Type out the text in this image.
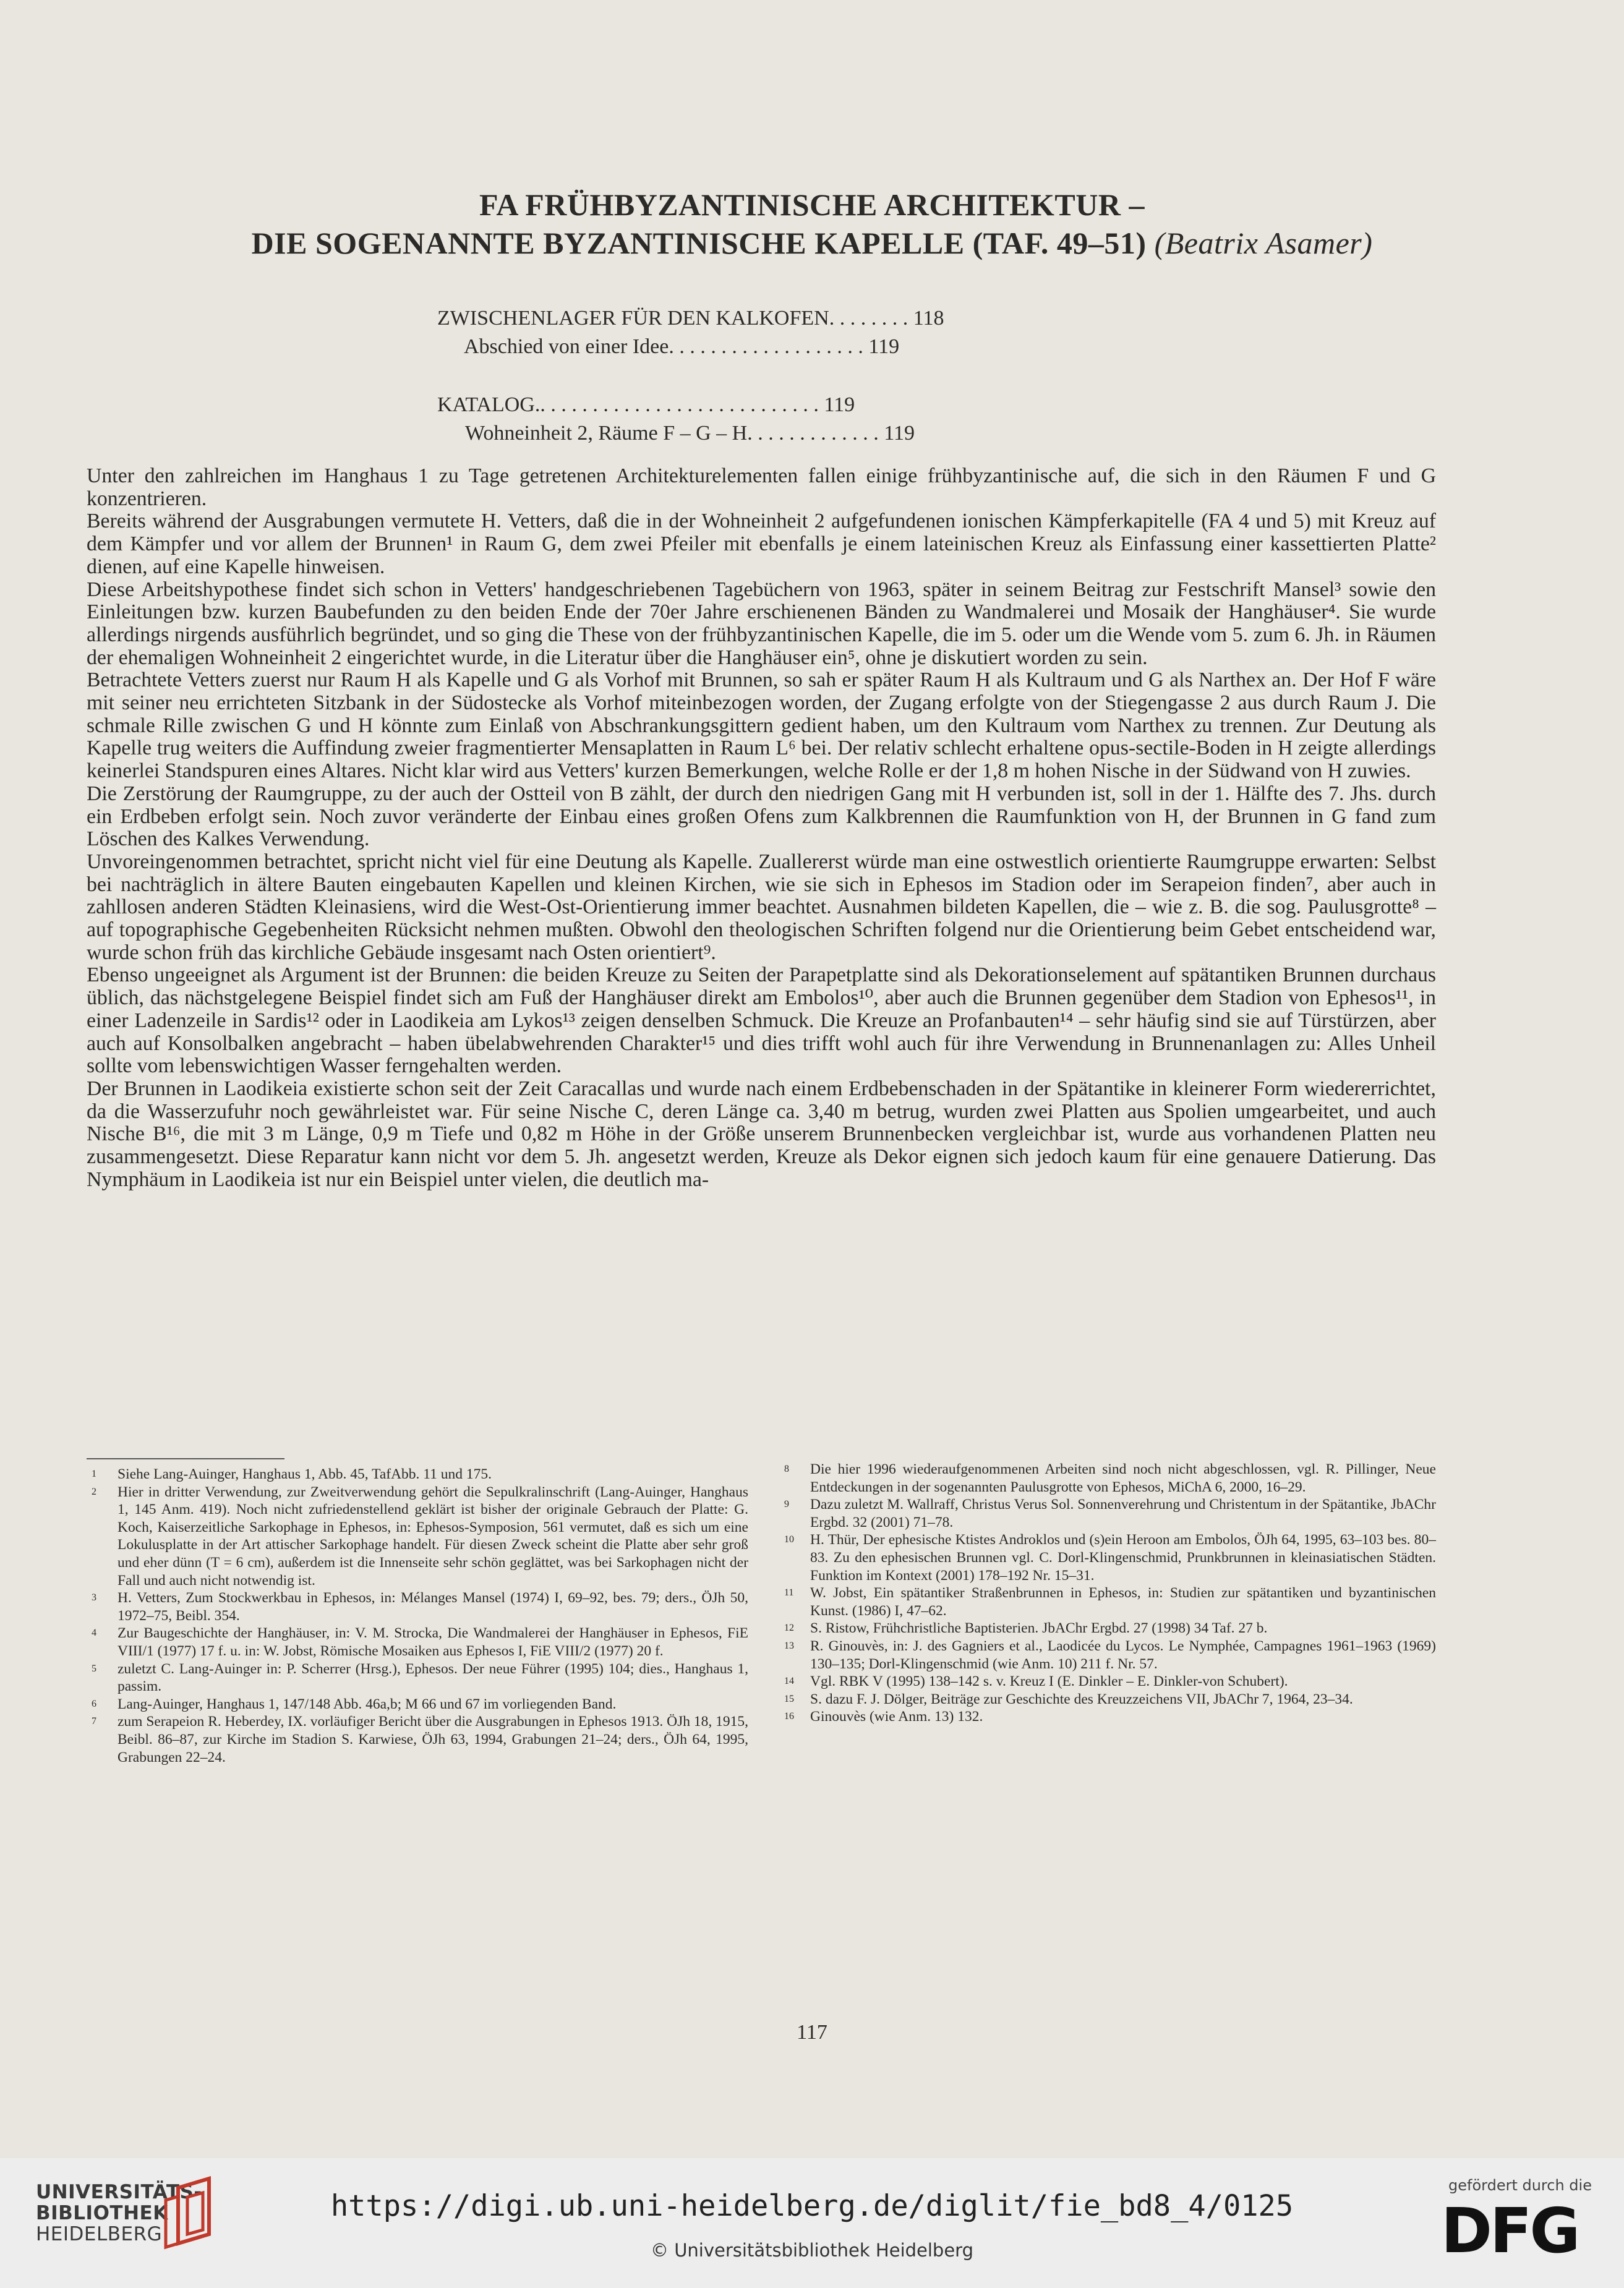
FA FRÜHBYZANTINISCHE ARCHITEKTUR –
DIE SOGENANNTE BYZANTINISCHE KAPELLE (TAF. 49–51) (Beatrix Asamer)
ZWISCHENLAGER FÜR DEN KALKOFEN. . . . . . . . 118
Abschied von einer Idee. . . . . . . . . . . . . . . . . . . 119
KATALOG.. . . . . . . . . . . . . . . . . . . . . . . . . . . 119
Wohneinheit 2, Räume F – G – H. . . . . . . . . . . . . 119

Unter den zahlreichen im Hanghaus 1 zu Tage getretenen Architekturelementen fallen einige frühbyzantinische auf, die sich in den Räumen F und G konzentrieren.

Bereits während der Ausgrabungen vermutete H. Vetters, daß die in der Wohneinheit 2 aufgefundenen ionischen Kämpferkapitelle (FA 4 und 5) mit Kreuz auf dem Kämpfer und vor allem der Brunnen¹ in Raum G, dem zwei Pfeiler mit ebenfalls je einem lateinischen Kreuz als Einfassung einer kassettierten Platte² dienen, auf eine Kapelle hinweisen.

Diese Arbeitshypothese findet sich schon in Vetters' handgeschriebenen Tagebüchern von 1963, später in seinem Beitrag zur Festschrift Mansel³ sowie den Einleitungen bzw. kurzen Baubefunden zu den beiden Ende der 70er Jahre erschienenen Bänden zu Wandmalerei und Mosaik der Hanghäuser⁴. Sie wurde allerdings nirgends ausführlich begründet, und so ging die These von der frühbyzantinischen Kapelle, die im 5. oder um die Wende vom 5. zum 6. Jh. in Räumen der ehemaligen Wohneinheit 2 eingerichtet wurde, in die Literatur über die Hanghäuser ein⁵, ohne je diskutiert worden zu sein.

Betrachtete Vetters zuerst nur Raum H als Kapelle und G als Vorhof mit Brunnen, so sah er später Raum H als Kultraum und G als Narthex an. Der Hof F wäre mit seiner neu errichteten Sitzbank in der Südostecke als Vorhof miteinbezogen worden, der Zugang erfolgte von der Stiegengasse 2 aus durch Raum J. Die schmale Rille zwischen G und H könnte zum Einlaß von Abschrankungsgittern gedient haben, um den Kultraum vom Narthex zu trennen. Zur Deutung als Kapelle trug weiters die Auffindung zweier fragmentierter Mensaplatten in Raum L⁶ bei. Der relativ schlecht erhaltene opus-sectile-Boden in H zeigte allerdings keinerlei Standspuren eines Altares. Nicht klar wird aus Vetters' kurzen Bemerkungen, welche Rolle er der 1,8 m hohen Nische in der Südwand von H zuwies.

Die Zerstörung der Raumgruppe, zu der auch der Ostteil von B zählt, der durch den niedrigen Gang mit H verbunden ist, soll in der 1. Hälfte des 7. Jhs. durch ein Erdbeben erfolgt sein. Noch zuvor veränderte der Einbau eines großen Ofens zum Kalkbrennen die Raumfunktion von H, der Brunnen in G fand zum Löschen des Kalkes Verwendung.

Unvoreingenommen betrachtet, spricht nicht viel für eine Deutung als Kapelle. Zuallererst würde man eine ostwestlich orientierte Raumgruppe erwarten: Selbst bei nachträglich in ältere Bauten eingebauten Kapellen und kleinen Kirchen, wie sie sich in Ephesos im Stadion oder im Serapeion finden⁷, aber auch in zahllosen anderen Städten Kleinasiens, wird die West-Ost-Orientierung immer beachtet. Ausnahmen bildeten Kapellen, die – wie z. B. die sog. Paulusgrotte⁸ – auf topographische Gegebenheiten Rücksicht nehmen mußten. Obwohl den theologischen Schriften folgend nur die Orientierung beim Gebet entscheidend war, wurde schon früh das kirchliche Gebäude insgesamt nach Osten orientiert⁹.

Ebenso ungeeignet als Argument ist der Brunnen: die beiden Kreuze zu Seiten der Parapetplatte sind als Dekorationselement auf spätantiken Brunnen durchaus üblich, das nächstgelegene Beispiel findet sich am Fuß der Hanghäuser direkt am Embolos¹⁰, aber auch die Brunnen gegenüber dem Stadion von Ephesos¹¹, in einer Ladenzeile in Sardis¹² oder in Laodikeia am Lykos¹³ zeigen denselben Schmuck. Die Kreuze an Profanbauten¹⁴ – sehr häufig sind sie auf Türstürzen, aber auch auf Konsolbalken angebracht – haben übelabwehrenden Charakter¹⁵ und dies trifft wohl auch für ihre Verwendung in Brunnenanlagen zu: Alles Unheil sollte vom lebenswichtigen Wasser ferngehalten werden.

Der Brunnen in Laodikeia existierte schon seit der Zeit Caracallas und wurde nach einem Erdbebenschaden in der Spätantike in kleinerer Form wiedererrichtet, da die Wasserzufuhr noch gewährleistet war. Für seine Nische C, deren Länge ca. 3,40 m betrug, wurden zwei Platten aus Spolien umgearbeitet, und auch Nische B¹⁶, die mit 3 m Länge, 0,9 m Tiefe und 0,82 m Höhe in der Größe unserem Brunnenbecken vergleichbar ist, wurde aus vorhandenen Platten neu zusammengesetzt. Diese Reparatur kann nicht vor dem 5. Jh. angesetzt werden, Kreuze als Dekor eignen sich jedoch kaum für eine genauere Datierung. Das Nymphäum in Laodikeia ist nur ein Beispiel unter vielen, die deutlich ma-

1 Siehe Lang-Auinger, Hanghaus 1, Abb. 45, TafAbb. 11 und 175.
2 Hier in dritter Verwendung, zur Zweitverwendung gehört die Sepulkralinschrift (Lang-Auinger, Hanghaus 1, 145 Anm. 419). Noch nicht zufriedenstellend geklärt ist bisher der originale Gebrauch der Platte: G. Koch, Kaiserzeitliche Sarkophage in Ephesos, in: Ephesos-Symposion, 561 vermutet, daß es sich um eine Lokulusplatte in der Art attischer Sarkophage handelt. Für diesen Zweck scheint die Platte aber sehr groß und eher dünn (T = 6 cm), außerdem ist die Innenseite sehr schön geglättet, was bei Sarkophagen nicht der Fall und auch nicht notwendig ist.
3 H. Vetters, Zum Stockwerkbau in Ephesos, in: Mélanges Mansel (1974) I, 69–92, bes. 79; ders., ÖJh 50, 1972–75, Beibl. 354.
4 Zur Baugeschichte der Hanghäuser, in: V. M. Strocka, Die Wandmalerei der Hanghäuser in Ephesos, FiE VIII/1 (1977) 17 f. u. in: W. Jobst, Römische Mosaiken aus Ephesos I, FiE VIII/2 (1977) 20 f.
5 zuletzt C. Lang-Auinger in: P. Scherrer (Hrsg.), Ephesos. Der neue Führer (1995) 104; dies., Hanghaus 1, passim.
6 Lang-Auinger, Hanghaus 1, 147/148 Abb. 46a,b; M 66 und 67 im vorliegenden Band.
7 zum Serapeion R. Heberdey, IX. vorläufiger Bericht über die Ausgrabungen in Ephesos 1913. ÖJh 18, 1915, Beibl. 86–87, zur Kirche im Stadion S. Karwiese, ÖJh 63, 1994, Grabungen 21–24; ders., ÖJh 64, 1995, Grabungen 22–24.
8 Die hier 1996 wiederaufgenommenen Arbeiten sind noch nicht abgeschlossen, vgl. R. Pillinger, Neue Entdeckungen in der sogenannten Paulusgrotte von Ephesos, MiChA 6, 2000, 16–29.
9 Dazu zuletzt M. Wallraff, Christus Verus Sol. Sonnenverehrung und Christentum in der Spätantike, JbAChr Ergbd. 32 (2001) 71–78.
10 H. Thür, Der ephesische Ktistes Androklos und (s)ein Heroon am Embolos, ÖJh 64, 1995, 63–103 bes. 80–83. Zu den ephesischen Brunnen vgl. C. Dorl-Klingenschmid, Prunkbrunnen in kleinasiatischen Städten. Funktion im Kontext (2001) 178–192 Nr. 15–31.
11 W. Jobst, Ein spätantiker Straßenbrunnen in Ephesos, in: Studien zur spätantiken und byzantinischen Kunst. (1986) I, 47–62.
12 S. Ristow, Frühchristliche Baptisterien. JbAChr Ergbd. 27 (1998) 34 Taf. 27 b.
13 R. Ginouvès, in: J. des Gagniers et al., Laodicée du Lycos. Le Nymphée, Campagnes 1961–1963 (1969) 130–135; Dorl-Klingenschmid (wie Anm. 10) 211 f. Nr. 57.
14 Vgl. RBK V (1995) 138–142 s. v. Kreuz I (E. Dinkler – E. Dinkler-von Schubert).
15 S. dazu F. J. Dölger, Beiträge zur Geschichte des Kreuzzeichens VII, JbAChr 7, 1964, 23–34.
16 Ginouvès (wie Anm. 13) 132.
117
UNIVERSITÄTS-
BIBLIOTHEK
HEIDELBERG
https://digi.ub.uni-heidelberg.de/diglit/fie_bd8_4/0125
© Universitätsbibliothek Heidelberg
gefördert durch die
DFG
